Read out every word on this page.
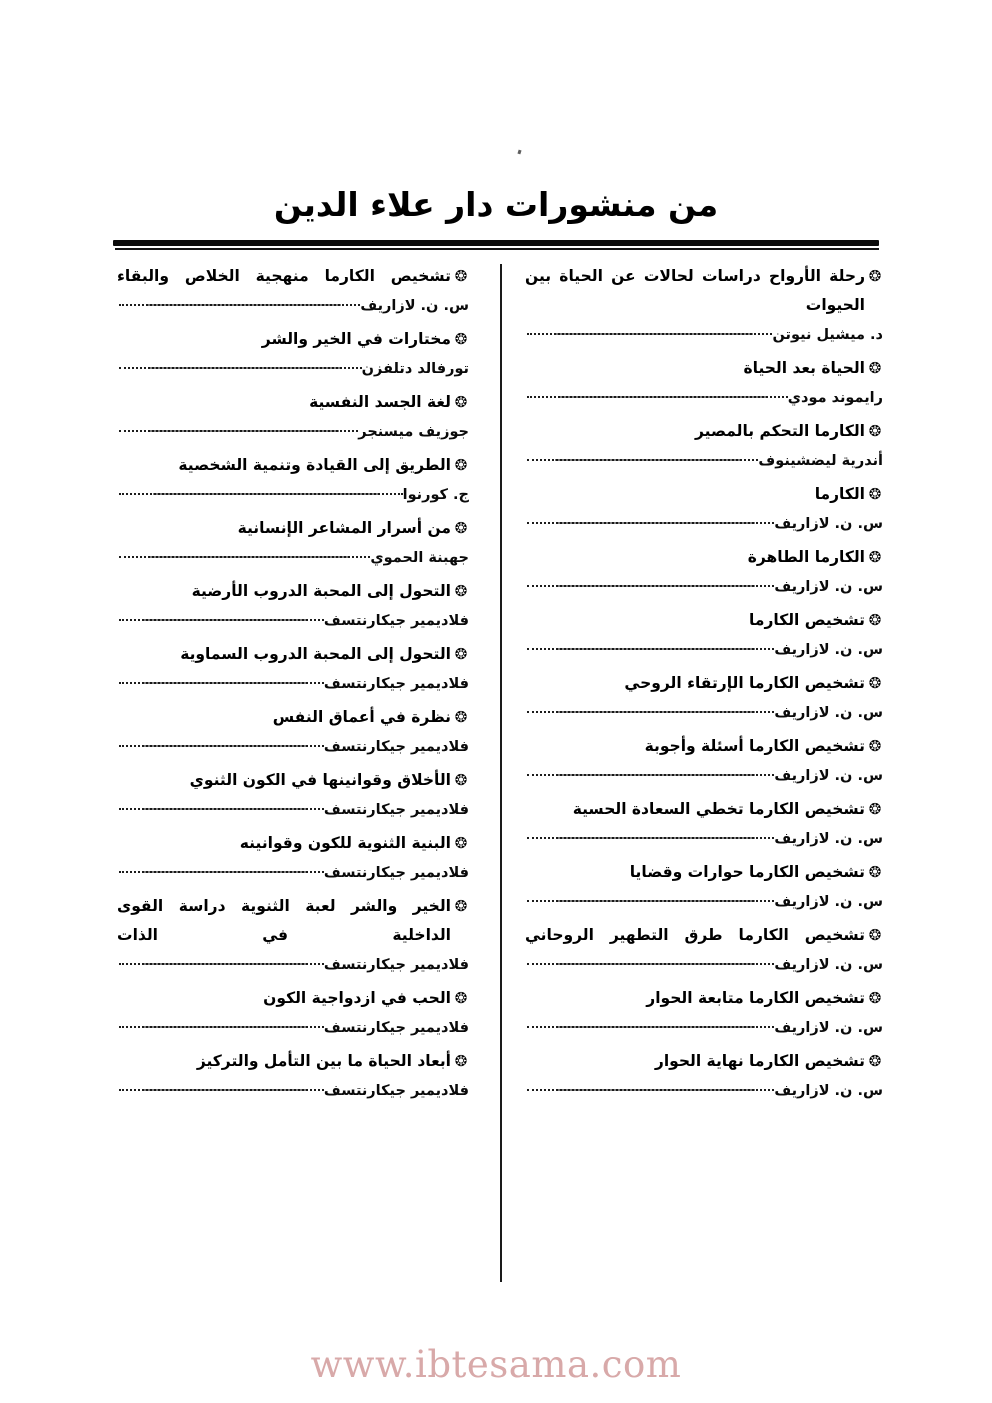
من منشورات دار علاء الدين
❂
رحلة الأرواح دراسات لحالات عن الحياة بين الحيوات
د. ميشيل نيوتن
❂
الحياة بعد الحياة
رايموند مودي
❂
الكارما التحكم بالمصير
أندرية ليضشينوف
❂
الكارما
س. ن. لازاريف
❂
الكارما الطاهرة
س. ن. لازاريف
❂
تشخيص الكارما
س. ن. لازاريف
❂
تشخيص الكارما الإرتقاء الروحي
س. ن. لازاريف
❂
تشخيص الكارما أسئلة وأجوبة
س. ن. لازاريف
❂
تشخيص الكارما تخطي السعادة الحسية
س. ن. لازاريف
❂
تشخيص الكارما حوارات وقضايا
س. ن. لازاريف
❂
تشخيص الكارما طرق التطهير الروحاني
س. ن. لازاريف
❂
تشخيص الكارما متابعة الحوار
س. ن. لازاريف
❂
تشخيص الكارما نهاية الحوار
س. ن. لازاريف
❂
تشخيص الكارما منهجية الخلاص والبقاء
س. ن. لازاريف
❂
مختارات في الخير والشر
تورفالد دتلفزن
❂
لغة الجسد النفسية
جوزيف ميسنجر
❂
الطريق إلى القيادة وتنمية الشخصية
ج. كورنوا
❂
من أسرار المشاعر الإنسانية
جهبنة الحموي
❂
التحول إلى المحبة الدروب الأرضية
فلاديمير جيكارنتسف
❂
التحول إلى المحبة الدروب السماوية
فلاديمير جيكارنتسف
❂
نظرة في أعماق النفس
فلاديمير جيكارنتسف
❂
الأخلاق وقوانينها في الكون الثنوي
فلاديمير جيكارنتسف
❂
البنية الثنوية للكون وقوانينه
فلاديمير جيكارنتسف
❂
الخير والشر لعبة الثنوية دراسة القوى الداخلية في الذات
فلاديمير جيكارنتسف
❂
الحب في ازدواجية الكون
فلاديمير جيكارنتسف
❂
أبعاد الحياة ما بين التأمل والتركيز
فلاديمير جيكارنتسف
www.ibtesama.com
